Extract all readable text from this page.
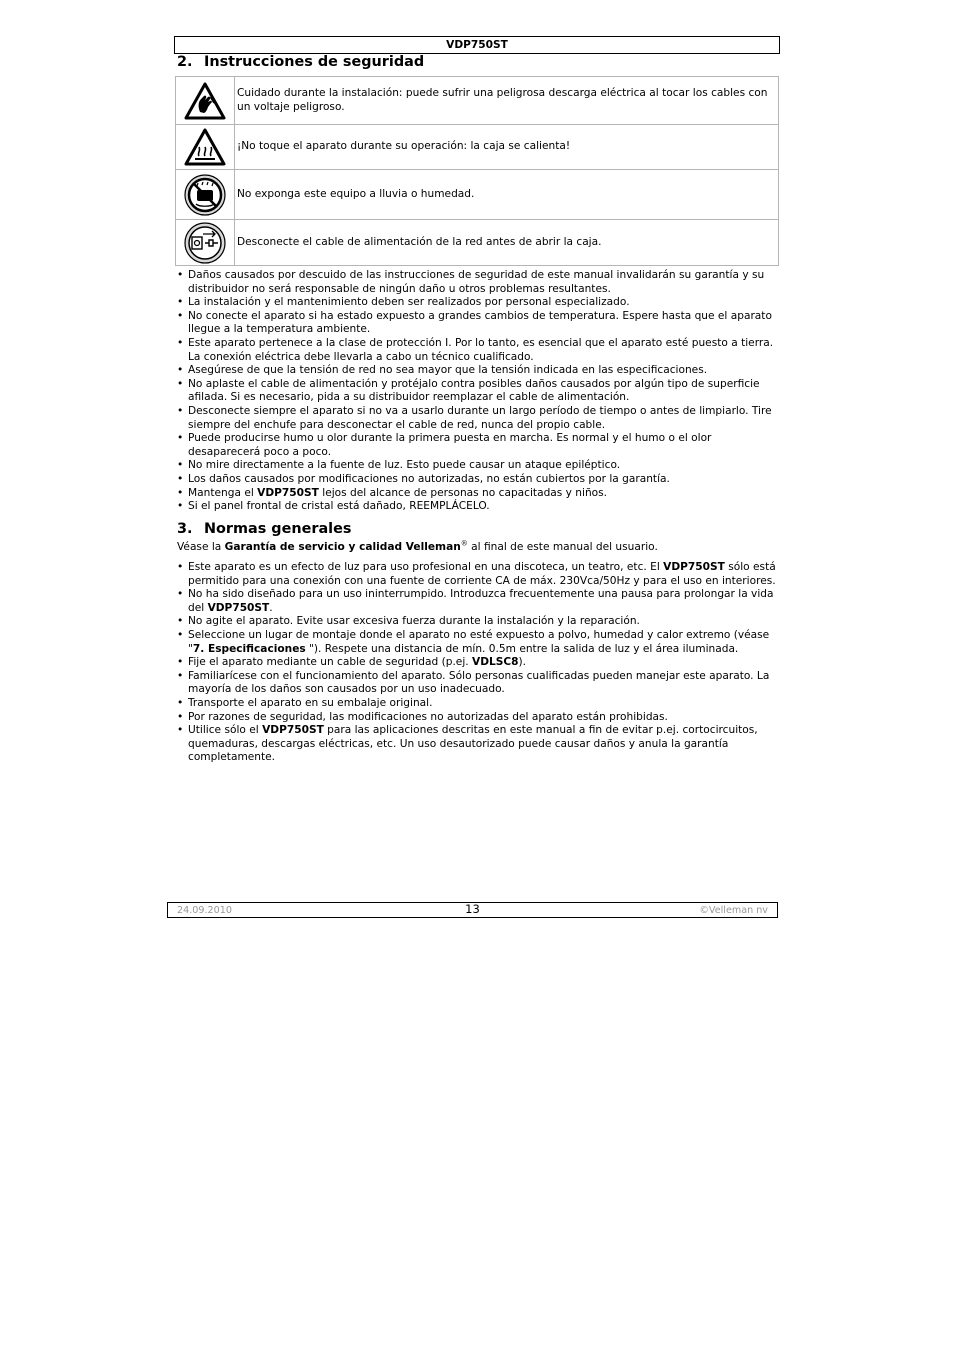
VDP750ST
2. Instrucciones de seguridad
	Cuidado durante la instalación: puede sufrir una peligrosa descarga eléctrica al tocar los cables con un voltaje peligroso.

	¡No toque el aparato durante su operación: la caja se calienta!

	No exponga este equipo a lluvia o humedad.

	Desconecte el cable de alimentación de la red antes de abrir la caja.
• Daños causados por descuido de las instrucciones de seguridad de este manual invalidarán su garantía y su distribuidor no será responsable de ningún daño u otros problemas resultantes.
• La instalación y el mantenimiento deben ser realizados por personal especializado.
• No conecte el aparato si ha estado expuesto a grandes cambios de temperatura. Espere hasta que el aparato llegue a la temperatura ambiente.
• Este aparato pertenece a la clase de protección I. Por lo tanto, es esencial que el aparato esté puesto a tierra. La conexión eléctrica debe llevarla a cabo un técnico cualificado.
• Asegúrese de que la tensión de red no sea mayor que la tensión indicada en las especificaciones.
• No aplaste el cable de alimentación y protéjalo contra posibles daños causados por algún tipo de superficie afilada. Si es necesario, pida a su distribuidor reemplazar el cable de alimentación.
• Desconecte siempre el aparato si no va a usarlo durante un largo período de tiempo o antes de limpiarlo. Tire siempre del enchufe para desconectar el cable de red, nunca del propio cable.
• Puede producirse humo u olor durante la primera puesta en marcha. Es normal y el humo o el olor desaparecerá poco a poco.
• No mire directamente a la fuente de luz. Esto puede causar un ataque epiléptico.
• Los daños causados por modificaciones no autorizadas, no están cubiertos por la garantía.
• Mantenga el VDP750ST lejos del alcance de personas no capacitadas y niños.
• Si el panel frontal de cristal está dañado, REEMPLÁCELO.
3. Normas generales

Véase la Garantía de servicio y calidad Velleman® al final de este manual del usuario.

• Este aparato es un efecto de luz para uso profesional en una discoteca, un teatro, etc. El VDP750ST sólo está permitido para una conexión con una fuente de corriente CA de máx. 230Vca/50Hz y para el uso en interiores.
• No ha sido diseñado para un uso ininterrumpido. Introduzca frecuentemente una pausa para prolongar la vida del VDP750ST.
• No agite el aparato. Evite usar excesiva fuerza durante la instalación y la reparación.
• Seleccione un lugar de montaje donde el aparato no esté expuesto a polvo, humedad y calor extremo (véase "7. Especificaciones "). Respete una distancia de mín. 0.5m entre la salida de luz y el área iluminada.
• Fije el aparato mediante un cable de seguridad (p.ej. VDLSC8).
• Familiarícese con el funcionamiento del aparato. Sólo personas cualificadas pueden manejar este aparato. La mayoría de los daños son causados por un uso inadecuado.
• Transporte el aparato en su embalaje original.
• Por razones de seguridad, las modificaciones no autorizadas del aparato están prohibidas.
• Utilice sólo el VDP750ST para las aplicaciones descritas en este manual a fin de evitar p.ej. cortocircuitos, quemaduras, descargas eléctricas, etc. Un uso desautorizado puede causar daños y anula la garantía completamente.
24.09.2010	13	©Velleman nv
